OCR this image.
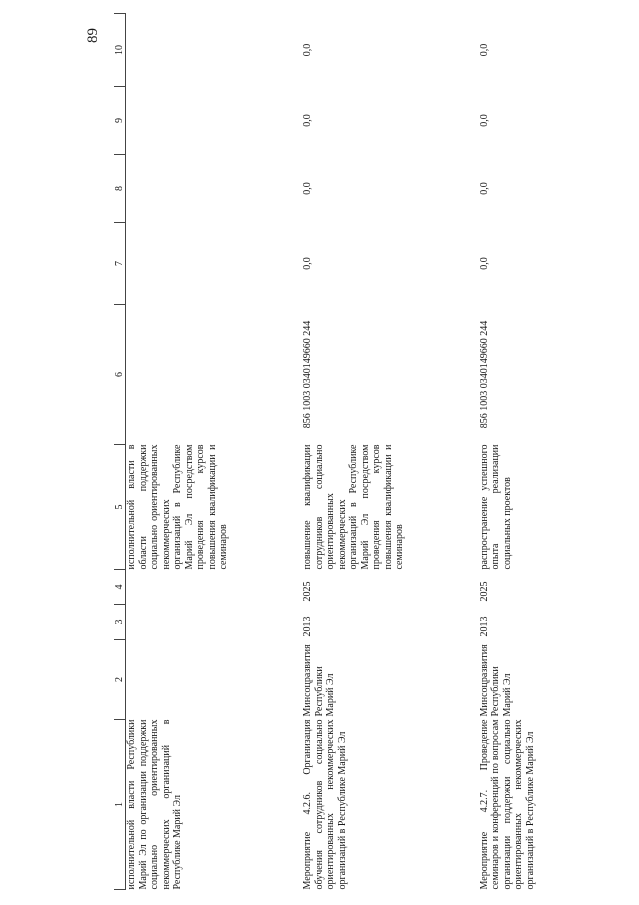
89
1	2	3	4	5	6	7	8	9	10
исполнительной власти Республики Марий Эл по организации поддержки социально ориентированных некоммерческих организаций в Республике Марий Эл				исполнительной власти в области поддержки социально ориентированных некоммерческих организаций в Республике Марий Эл посредством проведения курсов повышения квалификации и семинаров					
Мероприятие 4.2.6. Организация обучения сотрудников социально ориентированных некоммерческих организаций в Республике Марий Эл	Минсоцразвития Республики Марий Эл	2013	2025	повышение квалификации сотрудников социально ориентированных некоммерческих организаций в Республике Марий Эл посредством проведения курсов повышения квалификации и семинаров	856 1003 0340149660 244	0,0	0,0	0,0	0,0
Мероприятие 4.2.7. Проведение семинаров и конференций по вопросам организации поддержки социально ориентированных некоммерческих организаций в Республике Марий Эл	Минсоцразвития Республики Марий Эл	2013	2025	распространение успешного опыта реализации социальных проектов	856 1003 0340149660 244	0,0	0,0	0,0	0,0
